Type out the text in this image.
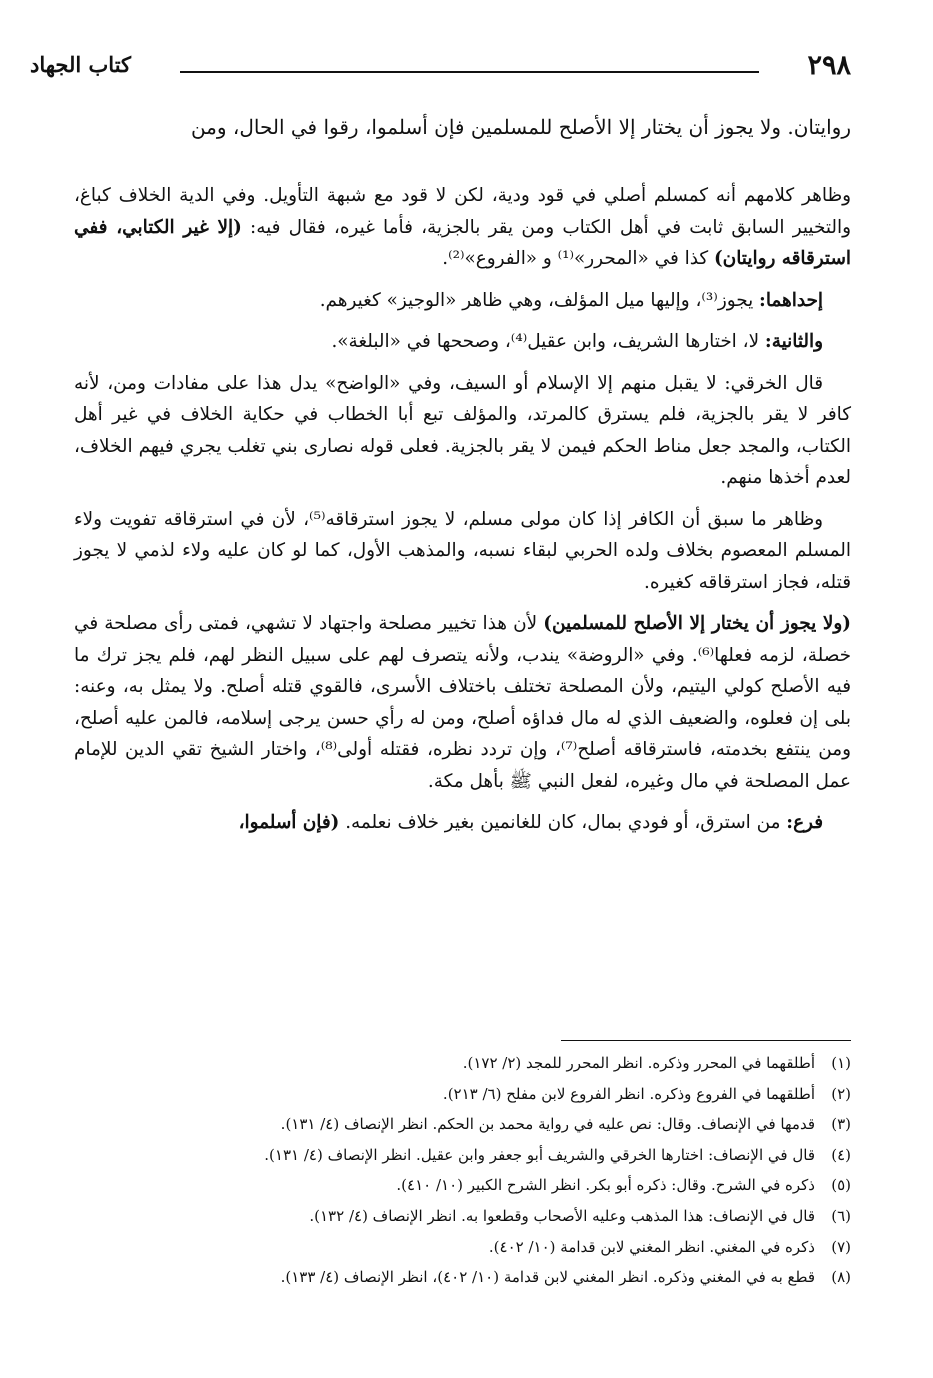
٢٩٨
كتاب الجهاد
روايتان. ولا يجوز أن يختار إلا الأصلح للمسلمين فإن أسلموا، رقوا في الحال، ومن

وظاهر كلامهم أنه كمسلم أصلي في قود ودية، لكن لا قود مع شبهة التأويل. وفي الدية الخلاف كباغ، والتخيير السابق ثابت في أهل الكتاب ومن يقر بالجزية، فأما غيره، فقال فيه: (إلا غير الكتابي، ففي استرقاقه روايتان) كذا في «المحرر»⁽¹⁾ و «الفروع»⁽²⁾.

إحداهما: يجوز⁽³⁾، وإليها ميل المؤلف، وهي ظاهر «الوجيز» كغيرهم.

والثانية: لا، اختارها الشريف، وابن عقيل⁽⁴⁾، وصححها في «البلغة».

قال الخرقي: لا يقبل منهم إلا الإسلام أو السيف، وفي «الواضح» يدل هذا على مفادات ومن، لأنه كافر لا يقر بالجزية، فلم يسترق كالمرتد، والمؤلف تبع أبا الخطاب في حكاية الخلاف في غير أهل الكتاب، والمجد جعل مناط الحكم فيمن لا يقر بالجزية. فعلى قوله نصارى بني تغلب يجري فيهم الخلاف، لعدم أخذها منهم.

وظاهر ما سبق أن الكافر إذا كان مولى مسلم، لا يجوز استرقاقه⁽⁵⁾، لأن في استرقاقه تفويت ولاء المسلم المعصوم بخلاف ولده الحربي لبقاء نسبه، والمذهب الأول، كما لو كان عليه ولاء لذمي لا يجوز قتله، فجاز استرقاقه كغيره.

(ولا يجوز أن يختار إلا الأصلح للمسلمين) لأن هذا تخيير مصلحة واجتهاد لا تشهي، فمتى رأى مصلحة في خصلة، لزمه فعلها⁽⁶⁾. وفي «الروضة» يندب، ولأنه يتصرف لهم على سبيل النظر لهم، فلم يجز ترك ما فيه الأصلح كولي اليتيم، ولأن المصلحة تختلف باختلاف الأسرى، فالقوي قتله أصلح. ولا يمثل به، وعنه: بلى إن فعلوه، والضعيف الذي له مال فداؤه أصلح، ومن له رأي حسن يرجى إسلامه، فالمن عليه أصلح، ومن ينتفع بخدمته، فاسترقاقه أصلح⁽⁷⁾، وإن تردد نظره، فقتله أولى⁽⁸⁾، واختار الشيخ تقي الدين للإمام عمل المصلحة في مال وغيره، لفعل النبي ﷺ بأهل مكة.

فرع: من استرق، أو فودي بمال، كان للغانمين بغير خلاف نعلمه. (فإن أسلموا،

(١)أطلقهما في المحرر وذكره. انظر المحرر للمجد (٢/ ١٧٢).
(٢)أطلقهما في الفروع وذكره. انظر الفروع لابن مفلح (٦/ ٢١٣).
(٣)قدمها في الإنصاف. وقال: نص عليه في رواية محمد بن الحكم. انظر الإنصاف (٤/ ١٣١).
(٤)قال في الإنصاف: اختارها الخرقي والشريف أبو جعفر وابن عقيل. انظر الإنصاف (٤/ ١٣١).
(٥)ذكره في الشرح. وقال: ذكره أبو بكر. انظر الشرح الكبير (١٠/ ٤١٠).
(٦)قال في الإنصاف: هذا المذهب وعليه الأصحاب وقطعوا به. انظر الإنصاف (٤/ ١٣٢).
(٧)ذكره في المغني. انظر المغني لابن قدامة (١٠/ ٤٠٢).
(٨)قطع به في المغني وذكره. انظر المغني لابن قدامة (١٠/ ٤٠٢)، انظر الإنصاف (٤/ ١٣٣).
